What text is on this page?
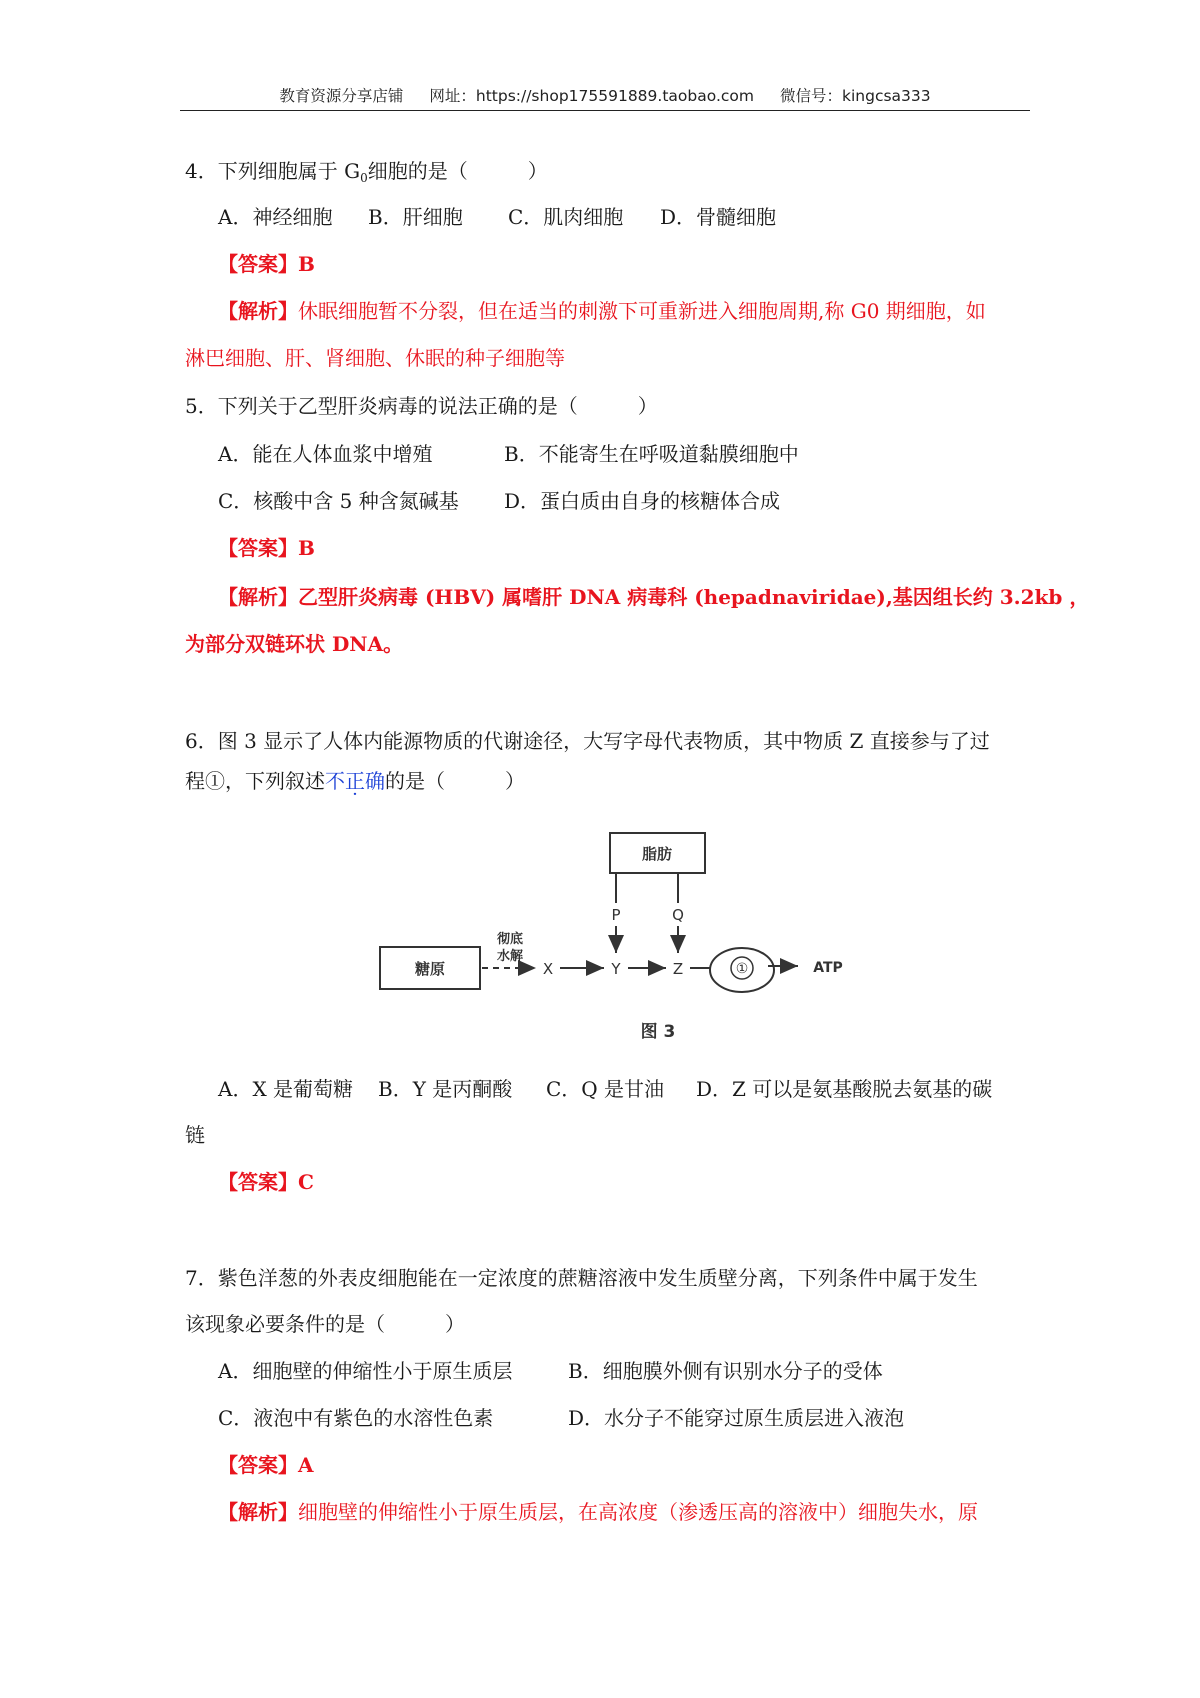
教育资源分享店铺 网址：https://shop175591889.taobao.com 微信号：kingcsa333
4．下列细胞属于 $G_0$细胞的是（　　　）
A．神经细胞 B．肝细胞 C．肌肉细胞 D．骨髓细胞
【答案】B
【解析】休眠细胞暂不分裂，但在适当的刺激下可重新进入细胞周期,称 G0 期细胞，如
淋巴细胞、肝、肾细胞、休眠的种子细胞等
5．下列关于乙型肝炎病毒的说法正确的是（　　　）
A．能在人体血浆中增殖	B．不能寄生在呼吸道黏膜细胞中
C．核酸中含 5 种含氮碱基 D．蛋白质由自身的核糖体合成
【答案】B
【解析】乙型肝炎病毒 (HBV) 属嗜肝 DNA 病毒科 (hepadnaviridae),基因组长约 3.2kb ，
为部分双链环状 DNA。
6．图 3 显示了人体内能源物质的代谢途径，大写字母代表物质，其中物质 Z 直接参与了过
程①，下列叙述不正确的是（　　　）
脂肪
糖原
彻底
水解
X	Y	Z
P	Q
①	ATP
图 3
A．X 是葡萄糖 B．Y 是丙酮酸 C．Q 是甘油 D．Z 可以是氨基酸脱去氨基的碳
链
【答案】C
7．紫色洋葱的外表皮细胞能在一定浓度的蔗糖溶液中发生质壁分离，下列条件中属于发生
该现象必要条件的是（　　　）
A．细胞壁的伸缩性小于原生质层	B．细胞膜外侧有识别水分子的受体
C．液泡中有紫色的水溶性色素	D．水分子不能穿过原生质层进入液泡
【答案】A
【解析】细胞壁的伸缩性小于原生质层，在高浓度（渗透压高的溶液中）细胞失水，原
